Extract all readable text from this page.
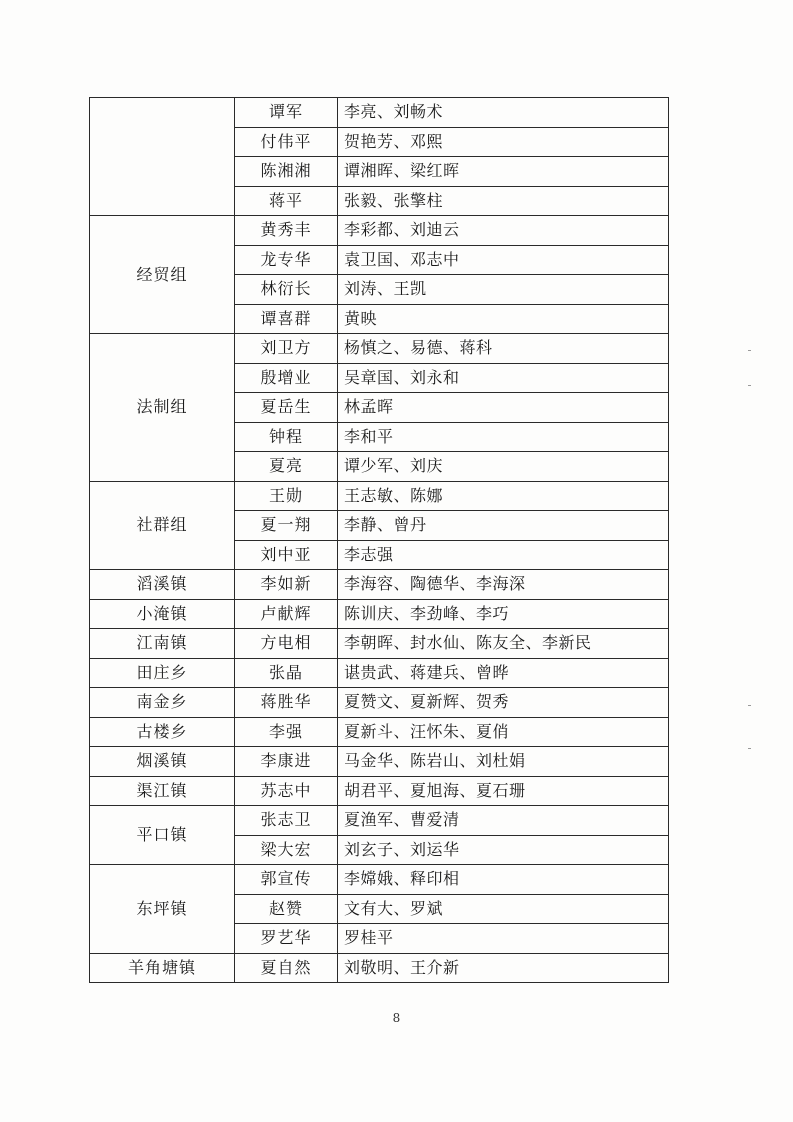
	谭军	李亮、刘畅术
	付伟平	贺艳芳、邓熙
	陈湘湘	谭湘晖、梁红晖
	蒋平	张毅、张擎柱
经贸组	黄秀丰	李彩都、刘迪云
	龙专华	袁卫国、邓志中
	林衍长	刘涛、王凯
	谭喜群	黄映
法制组	刘卫方	杨慎之、易德、蒋科
	殷增业	吴章国、刘永和
	夏岳生	林孟晖
	钟程	李和平
	夏亮	谭少军、刘庆
社群组	王勋	王志敏、陈娜
	夏一翔	李静、曾丹
	刘中亚	李志强
滔溪镇	李如新	李海容、陶德华、李海深
小淹镇	卢献辉	陈训庆、李劲峰、李巧
江南镇	方电相	李朝晖、封水仙、陈友全、李新民
田庄乡	张晶	谌贵武、蒋建兵、曾晔
南金乡	蒋胜华	夏赞文、夏新辉、贺秀
古楼乡	李强	夏新斗、汪怀朱、夏俏
烟溪镇	李康进	马金华、陈岩山、刘杜娟
渠江镇	苏志中	胡君平、夏旭海、夏石珊
平口镇	张志卫	夏渔军、曹爱清
	梁大宏	刘玄子、刘运华
东坪镇	郭宣传	李嫦娥、释印相
	赵赞	文有大、罗斌
	罗艺华	罗桂平
羊角塘镇	夏自然	刘敬明、王介新
8
